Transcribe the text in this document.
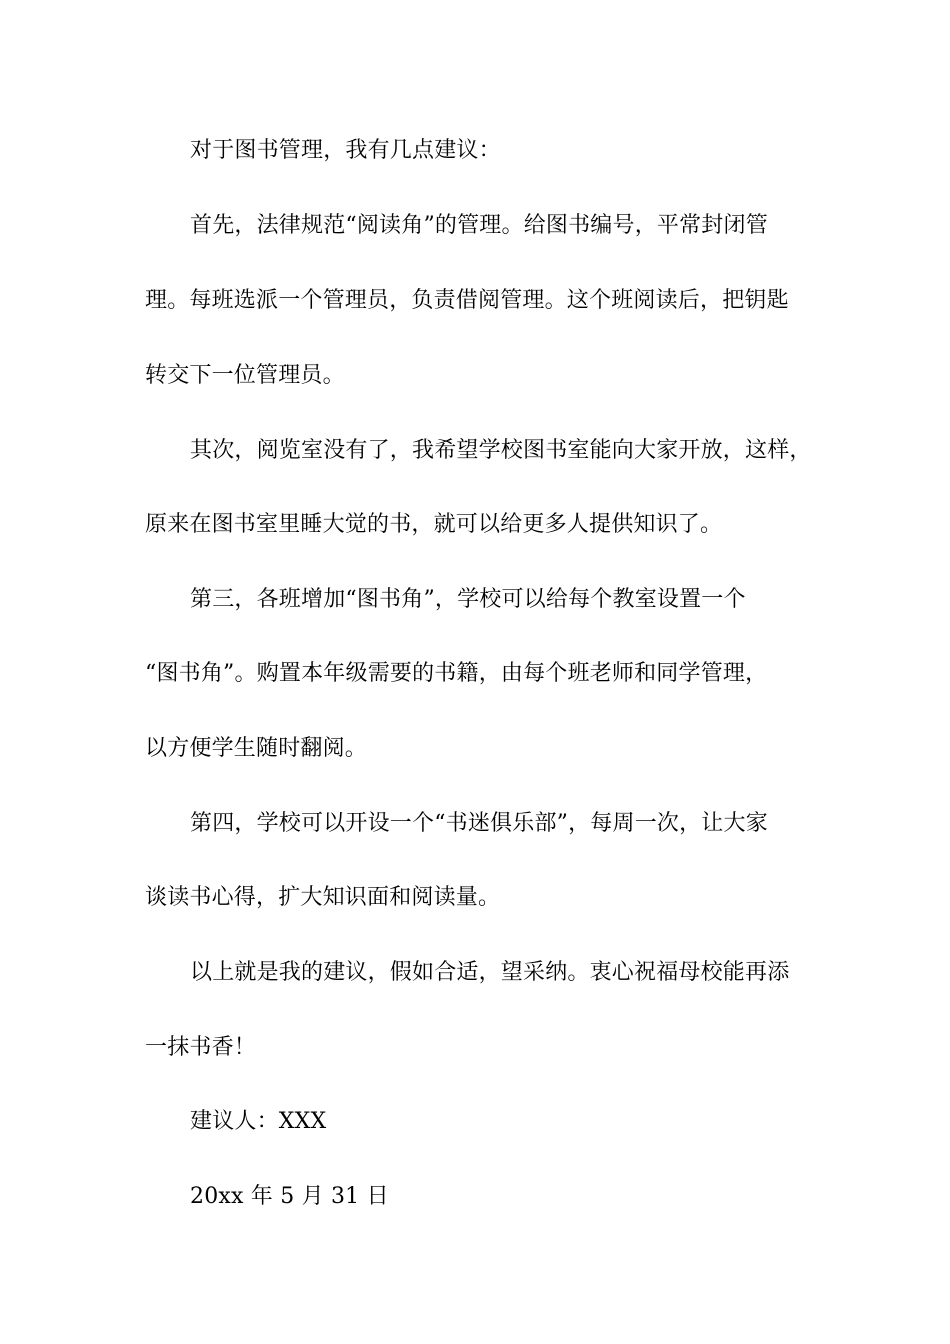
对于图书管理，我有几点建议：
首先，法律规范“阅读角”的管理。给图书编号，平常封闭管
理。每班选派一个管理员，负责借阅管理。这个班阅读后，把钥匙
转交下一位管理员。
其次，阅览室没有了，我希望学校图书室能向大家开放，这样，
原来在图书室里睡大觉的书，就可以给更多人提供知识了。
第三，各班增加“图书角”，学校可以给每个教室设置一个
“图书角”。购置本年级需要的书籍，由每个班老师和同学管理，
以方便学生随时翻阅。
第四，学校可以开设一个“书迷俱乐部”，每周一次，让大家
谈读书心得，扩大知识面和阅读量。
以上就是我的建议，假如合适，望采纳。衷心祝福母校能再添
一抹书香！
建议人：XXX
20xx 年 5 月 31 日
